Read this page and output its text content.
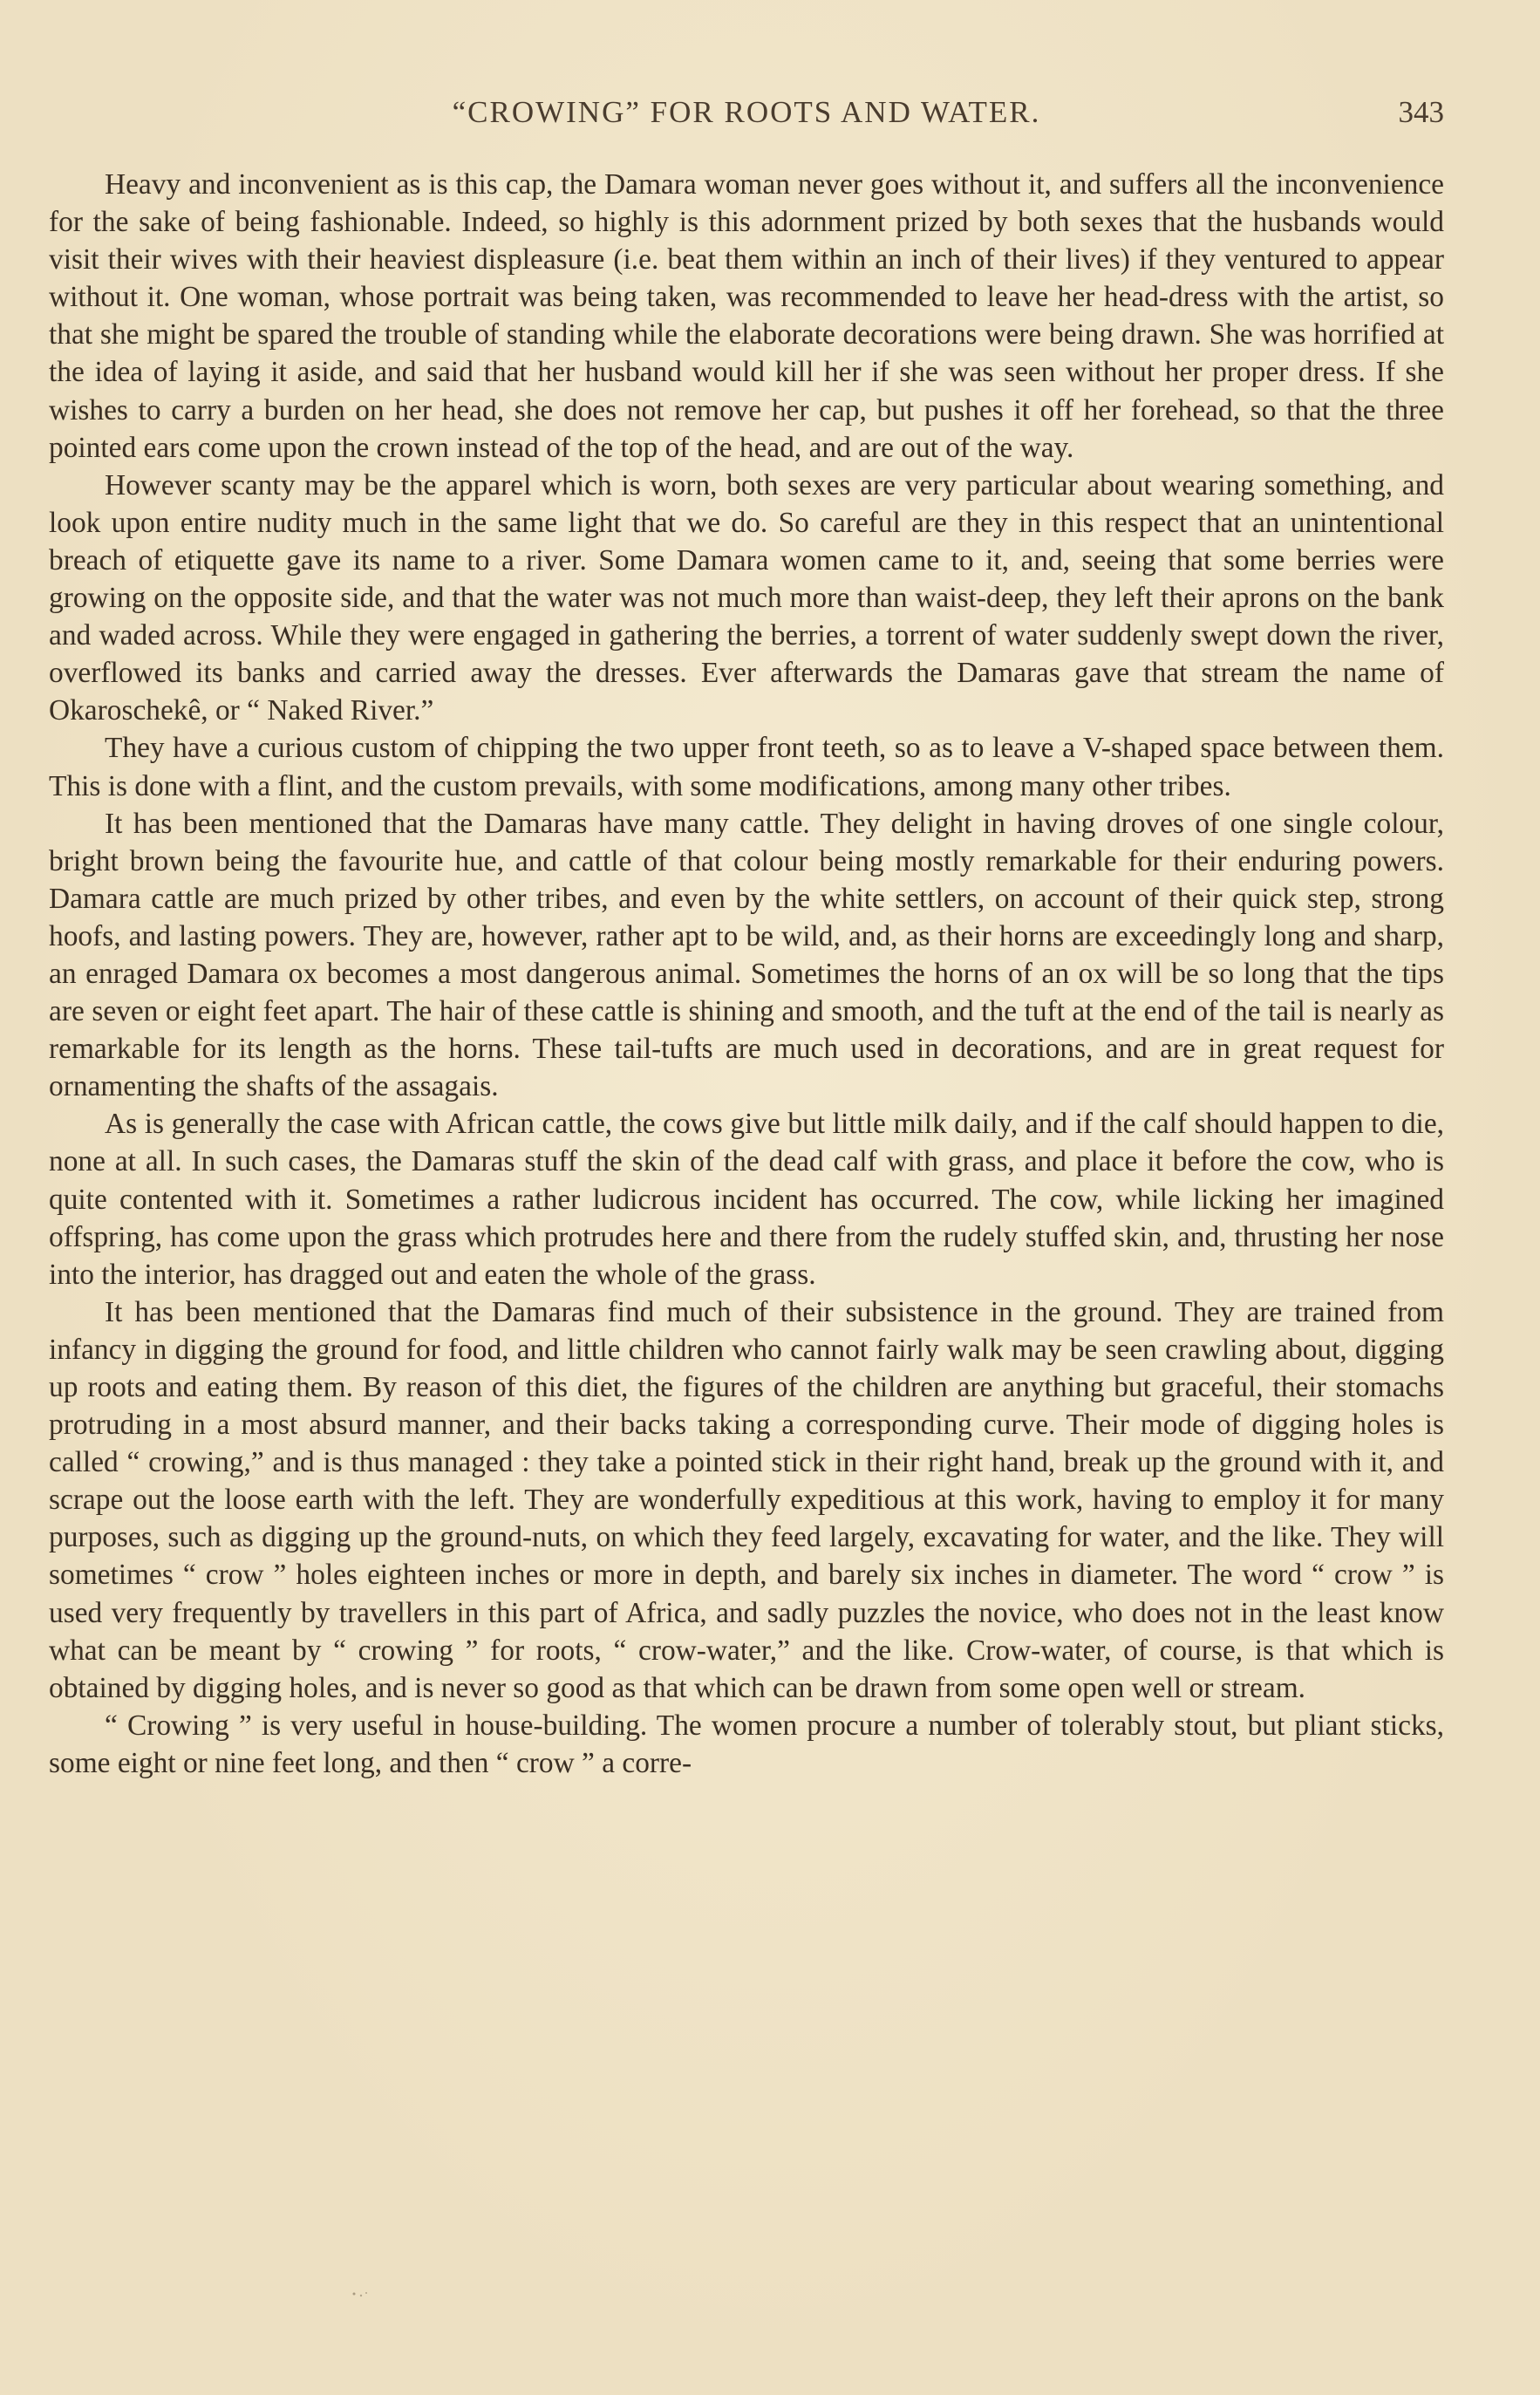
“CROWING” FOR ROOTS AND WATER.	343

Heavy and inconvenient as is this cap, the Damara woman never goes without it, and suffers all the inconvenience for the sake of being fashionable. Indeed, so highly is this adornment prized by both sexes that the husbands would visit their wives with their heaviest displeasure (i.e. beat them within an inch of their lives) if they ventured to appear without it. One woman, whose portrait was being taken, was recommended to leave her head-dress with the artist, so that she might be spared the trouble of standing while the elaborate decorations were being drawn. She was horrified at the idea of laying it aside, and said that her husband would kill her if she was seen without her proper dress. If she wishes to carry a burden on her head, she does not remove her cap, but pushes it off her forehead, so that the three pointed ears come upon the crown instead of the top of the head, and are out of the way.

However scanty may be the apparel which is worn, both sexes are very particular about wearing something, and look upon entire nudity much in the same light that we do. So careful are they in this respect that an unintentional breach of etiquette gave its name to a river. Some Damara women came to it, and, seeing that some berries were growing on the opposite side, and that the water was not much more than waist-deep, they left their aprons on the bank and waded across. While they were engaged in gathering the berries, a torrent of water suddenly swept down the river, overflowed its banks and carried away the dresses. Ever afterwards the Damaras gave that stream the name of Okaroschekê, or “ Naked River.”

They have a curious custom of chipping the two upper front teeth, so as to leave a V-shaped space between them. This is done with a flint, and the custom prevails, with some modifications, among many other tribes.

It has been mentioned that the Damaras have many cattle. They delight in having droves of one single colour, bright brown being the favourite hue, and cattle of that colour being mostly remarkable for their enduring powers. Damara cattle are much prized by other tribes, and even by the white settlers, on account of their quick step, strong hoofs, and lasting powers. They are, however, rather apt to be wild, and, as their horns are exceedingly long and sharp, an enraged Damara ox becomes a most dangerous animal. Sometimes the horns of an ox will be so long that the tips are seven or eight feet apart. The hair of these cattle is shining and smooth, and the tuft at the end of the tail is nearly as remarkable for its length as the horns. These tail-tufts are much used in decorations, and are in great request for ornamenting the shafts of the assagais.

As is generally the case with African cattle, the cows give but little milk daily, and if the calf should happen to die, none at all. In such cases, the Damaras stuff the skin of the dead calf with grass, and place it before the cow, who is quite contented with it. Sometimes a rather ludicrous incident has occurred. The cow, while licking her imagined offspring, has come upon the grass which protrudes here and there from the rudely stuffed skin, and, thrusting her nose into the interior, has dragged out and eaten the whole of the grass.

It has been mentioned that the Damaras find much of their subsistence in the ground. They are trained from infancy in digging the ground for food, and little children who cannot fairly walk may be seen crawling about, digging up roots and eating them. By reason of this diet, the figures of the children are anything but graceful, their stomachs protruding in a most absurd manner, and their backs taking a corresponding curve. Their mode of digging holes is called “ crowing,” and is thus managed : they take a pointed stick in their right hand, break up the ground with it, and scrape out the loose earth with the left. They are wonderfully expeditious at this work, having to employ it for many purposes, such as digging up the ground-nuts, on which they feed largely, excavating for water, and the like. They will sometimes “ crow ” holes eighteen inches or more in depth, and barely six inches in diameter. The word “ crow ” is used very frequently by travellers in this part of Africa, and sadly puzzles the novice, who does not in the least know what can be meant by “ crowing ” for roots, “ crow-water,” and the like. Crow-water, of course, is that which is obtained by digging holes, and is never so good as that which can be drawn from some open well or stream.

“ Crowing ” is very useful in house-building. The women procure a number of tolerably stout, but pliant sticks, some eight or nine feet long, and then “ crow ” a corre-
